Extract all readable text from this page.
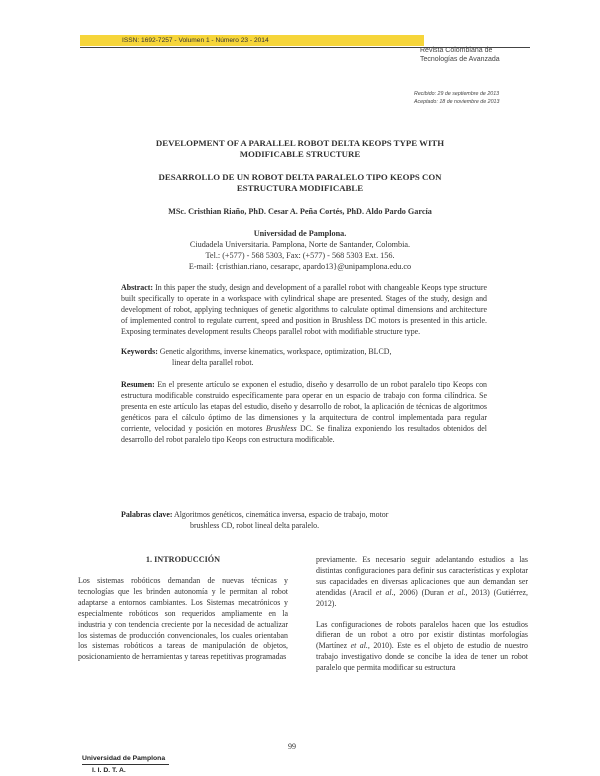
ISSN: 1692-7257 - Volumen 1 - Número 23 - 2014
Revista Colombiana de
Tecnologías de Avanzada
Recibido: 29 de septiembre de 2013
Aceptado: 18 de noviembre de 2013
DEVELOPMENT OF A PARALLEL ROBOT DELTA KEOPS TYPE WITH
MODIFICABLE STRUCTURE
DESARROLLO DE UN ROBOT DELTA PARALELO TIPO KEOPS CON
ESTRUCTURA MODIFICABLE
MSc. Cristhian Riaño, PhD. Cesar A. Peña Cortés, PhD. Aldo Pardo García
Universidad de Pamplona.
Ciudadela Universitaria. Pamplona, Norte de Santander, Colombia.
Tel.: (+577) - 568 5303, Fax: (+577) - 568 5303 Ext. 156.
E-mail: {cristhian.riano, cesarapc, apardo13}@unipamplona.edu.co
Abstract: In this paper the study, design and development of a parallel robot with changeable Keops type structure built specifically to operate in a workspace with cylindrical shape are presented. Stages of the study, design and development of robot, applying techniques of genetic algorithms to calculate optimal dimensions and architecture of implemented control to regulate current, speed and position in Brushless DC motors is presented in this article. Exposing terminates development results Cheops parallel robot with modifiable structure type.
Keywords: Genetic algorithms, inverse kinematics, workspace, optimization, BLCD,
linear delta parallel robot.
Resumen: En el presente artículo se exponen el estudio, diseño y desarrollo de un robot paralelo tipo Keops con estructura modificable construido específicamente para operar en un espacio de trabajo con forma cilíndrica. Se presenta en este artículo las etapas del estudio, diseño y desarrollo de robot, la aplicación de técnicas de algoritmos genéticos para el cálculo óptimo de las dimensiones y la arquitectura de control implementada para regular corriente, velocidad y posición en motores Brushless DC. Se finaliza exponiendo los resultados obtenidos del desarrollo del robot paralelo tipo Keops con estructura modificable.
Palabras clave: Algoritmos genéticos, cinemática inversa, espacio de trabajo, motor
brushless CD, robot lineal delta paralelo.
1. INTRODUCCIÓN
Los sistemas robóticos demandan de nuevas técnicas y tecnologías que les brinden autonomía y le permitan al robot adaptarse a entornos cambiantes. Los Sistemas mecatrónicos y especialmente robóticos son requeridos ampliamente en la industria y con tendencia creciente por la necesidad de actualizar los sistemas de producción convencionales, los cuales orientaban los sistemas robóticos a tareas de manipulación de objetos, posicionamiento de herramientas y tareas repetitivas programadas

previamente. Es necesario seguir adelantando estudios a las distintas configuraciones para definir sus características y explotar sus capacidades en diversas aplicaciones que aun demandan ser atendidas (Aracil et al., 2006) (Duran et al., 2013) (Gutiérrez, 2012).

Las configuraciones de robots paralelos hacen que los estudios difieran de un robot a otro por existir distintas morfologías (Martínez et al., 2010). Este es el objeto de estudio de nuestro trabajo investigativo donde se concibe la idea de tener un robot paralelo que permita modificar su estructura

99
Universidad de Pamplona
I. I. D. T. A.
